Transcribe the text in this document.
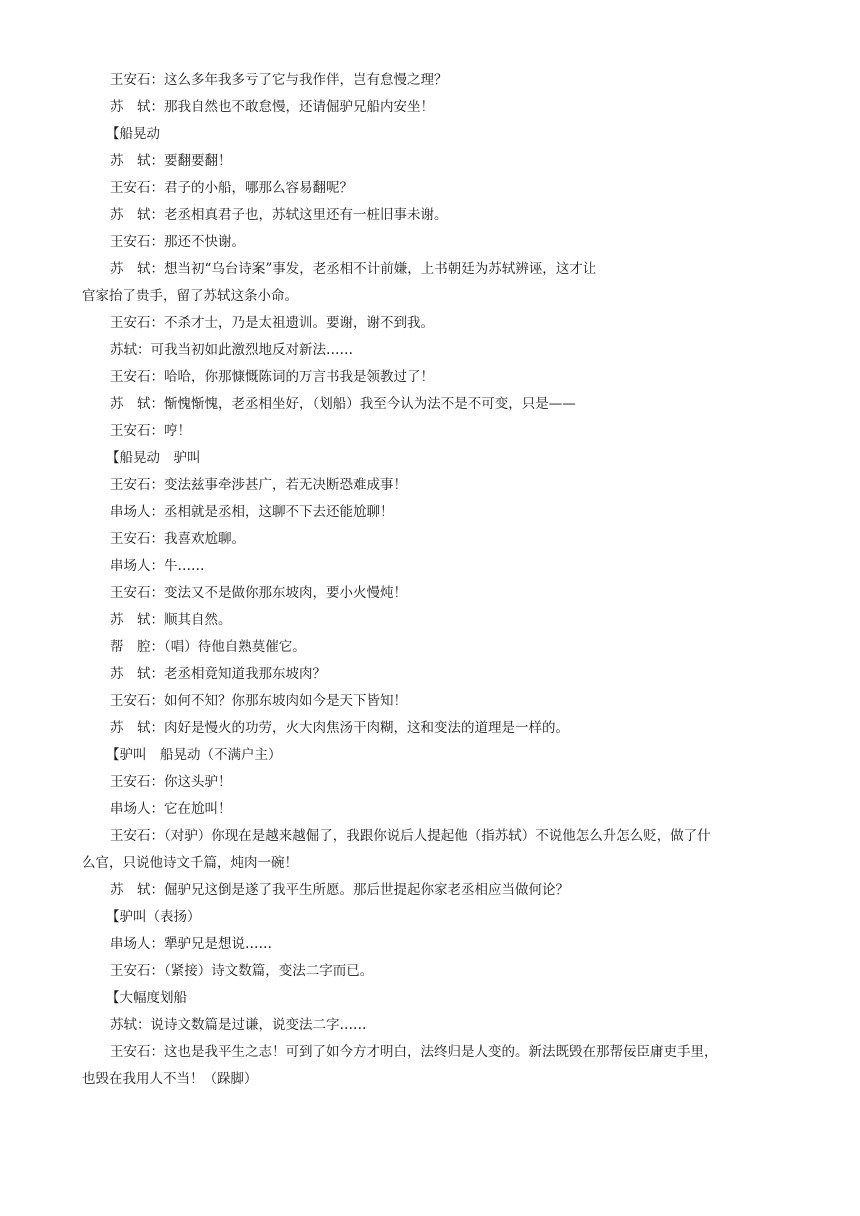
王安石：这么多年我多亏了它与我作伴，岂有怠慢之理？
苏　轼：那我自然也不敢怠慢，还请倔驴兄船内安坐！
【船晃动
苏　轼：要翻要翻！
王安石：君子的小船，哪那么容易翻呢？
苏　轼：老丞相真君子也，苏轼这里还有一桩旧事未谢。
王安石：那还不快谢。
苏　轼：想当初“乌台诗案”事发，老丞相不计前嫌，上书朝廷为苏轼辨诬，这才让
官家抬了贵手，留了苏轼这条小命。
王安石：不杀才士，乃是太祖遗训。要谢，谢不到我。
苏轼：可我当初如此激烈地反对新法……
王安石：哈哈，你那慷慨陈词的万言书我是领教过了！
苏　轼：惭愧惭愧，老丞相坐好，（划船）我至今认为法不是不可变，只是——
王安石：哼！
【船晃动　驴叫
王安石：变法兹事牵涉甚广，若无决断恐难成事！
串场人：丞相就是丞相，这聊不下去还能尬聊！
王安石：我喜欢尬聊。
串场人：牛……
王安石：变法又不是做你那东坡肉，要小火慢炖！
苏　轼：顺其自然。
帮　腔：（唱）待他自熟莫催它。
苏　轼：老丞相竟知道我那东坡肉？
王安石：如何不知？你那东坡肉如今是天下皆知！
苏　轼：肉好是慢火的功劳，火大肉焦汤干肉糊，这和变法的道理是一样的。
【驴叫　船晃动（不满户主）
王安石：你这头驴！
串场人：它在尬叫！
王安石：（对驴）你现在是越来越倔了，我跟你说后人提起他（指苏轼）不说他怎么升怎么贬，做了什
么官，只说他诗文千篇，炖肉一碗！
苏　轼：倔驴兄这倒是遂了我平生所愿。那后世提起你家老丞相应当做何论？
【驴叫（表扬）
串场人：犟驴兄是想说……
王安石：（紧接）诗文数篇，变法二字而已。
【大幅度划船
苏轼：说诗文数篇是过谦，说变法二字……
王安石：这也是我平生之志！可到了如今方才明白，法终归是人变的。新法既毁在那帮佞臣庸吏手里，
也毁在我用人不当！（跺脚）
